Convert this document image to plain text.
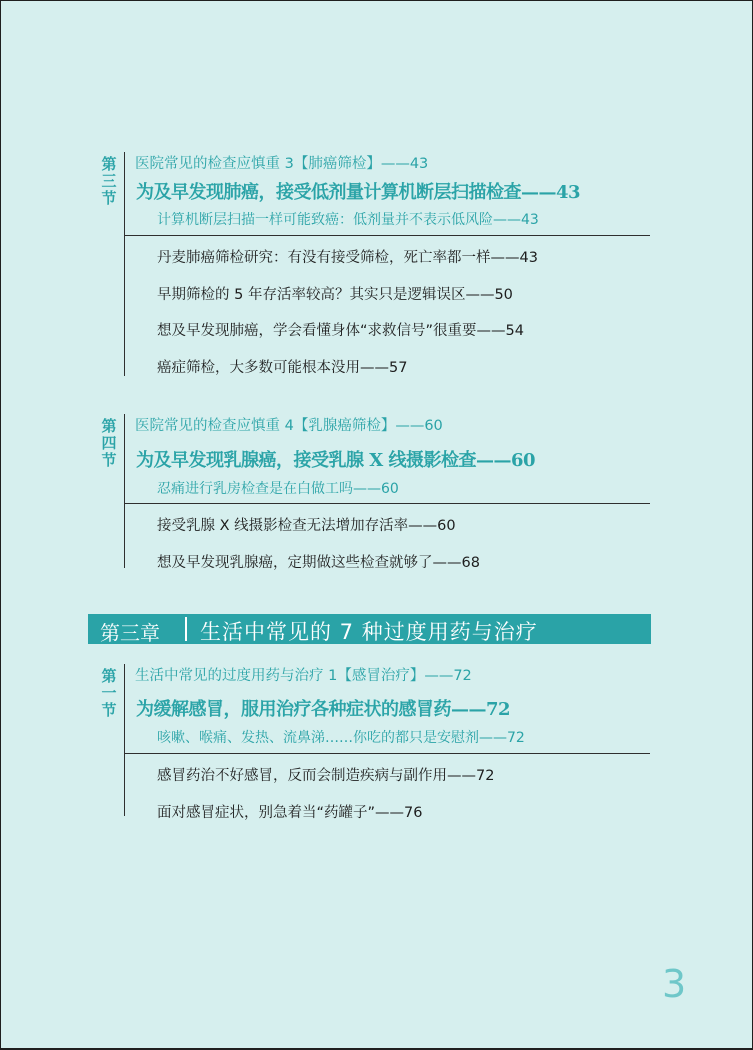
第三节
医院常见的检查应慎重 3【肺癌筛检】——43
为及早发现肺癌，接受低剂量计算机断层扫描检查——43
计算机断层扫描一样可能致癌：低剂量并不表示低风险——43
丹麦肺癌筛检研究：有没有接受筛检，死亡率都一样——43
早期筛检的 5 年存活率较高？其实只是逻辑误区——50
想及早发现肺癌，学会看懂身体“求救信号”很重要——54
癌症筛检，大多数可能根本没用——57
第四节
医院常见的检查应慎重 4【乳腺癌筛检】——60
为及早发现乳腺癌，接受乳腺 X 线摄影检查——60
忍痛进行乳房检查是在白做工吗——60
接受乳腺 X 线摄影检查无法增加存活率——60
想及早发现乳腺癌，定期做这些检查就够了——68
第三章 生活中常见的 7 种过度用药与治疗
第一节
生活中常见的过度用药与治疗 1【感冒治疗】——72
为缓解感冒，服用治疗各种症状的感冒药——72
咳嗽、喉痛、发热、流鼻涕……你吃的都只是安慰剂——72
感冒药治不好感冒，反而会制造疾病与副作用——72
面对感冒症状，别急着当“药罐子”——76
3
